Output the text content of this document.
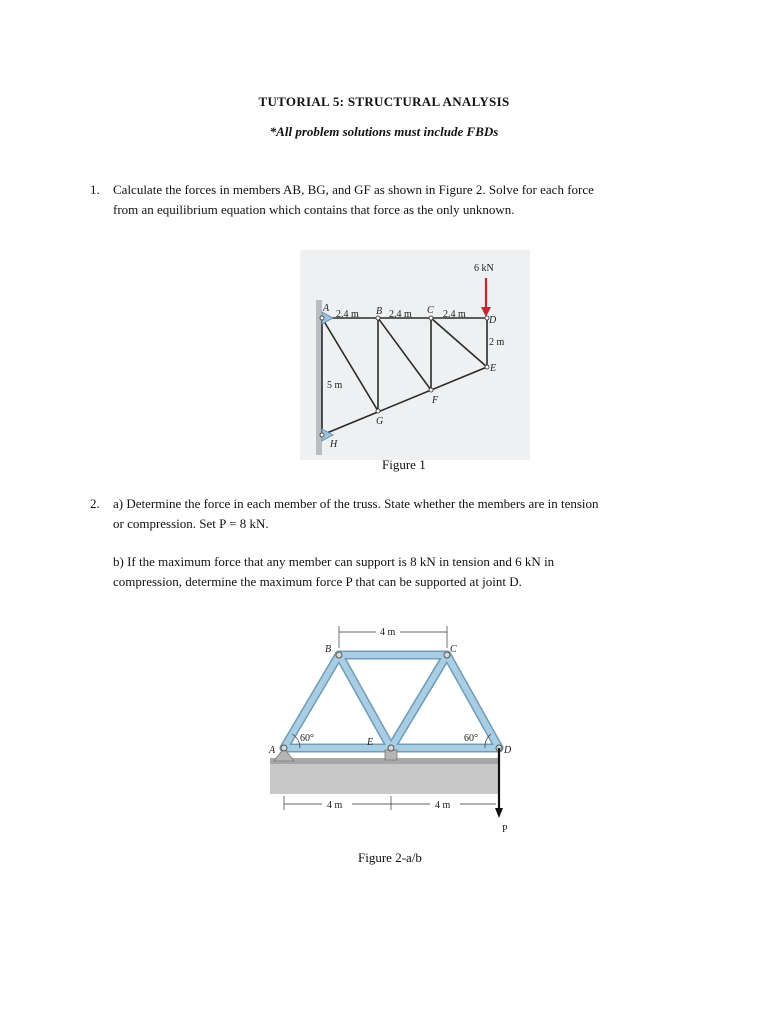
TUTORIAL 5: STRUCTURAL ANALYSIS
*All problem solutions must include FBDs
1. Calculate the forces in members AB, BG, and GF as shown in Figure 2. Solve for each force
from an equilibrium equation which contains that force as the only unknown.
6 kN
A
2.4 m B 2.4 m C 2.4 m
D
2 m
E
5 m
F
G
H
Figure 1
2. a) Determine the force in each member of the truss. State whether the members are in tension
or compression. Set P = 8 kN.
b) If the maximum force that any member can support is 8 kN in tension and 6 kN in
compression, determine the maximum force P that can be supported at joint D.
4 m
P
60°	60°
A
B	C
E
D
4 m	4 m
Figure 2-a/b
